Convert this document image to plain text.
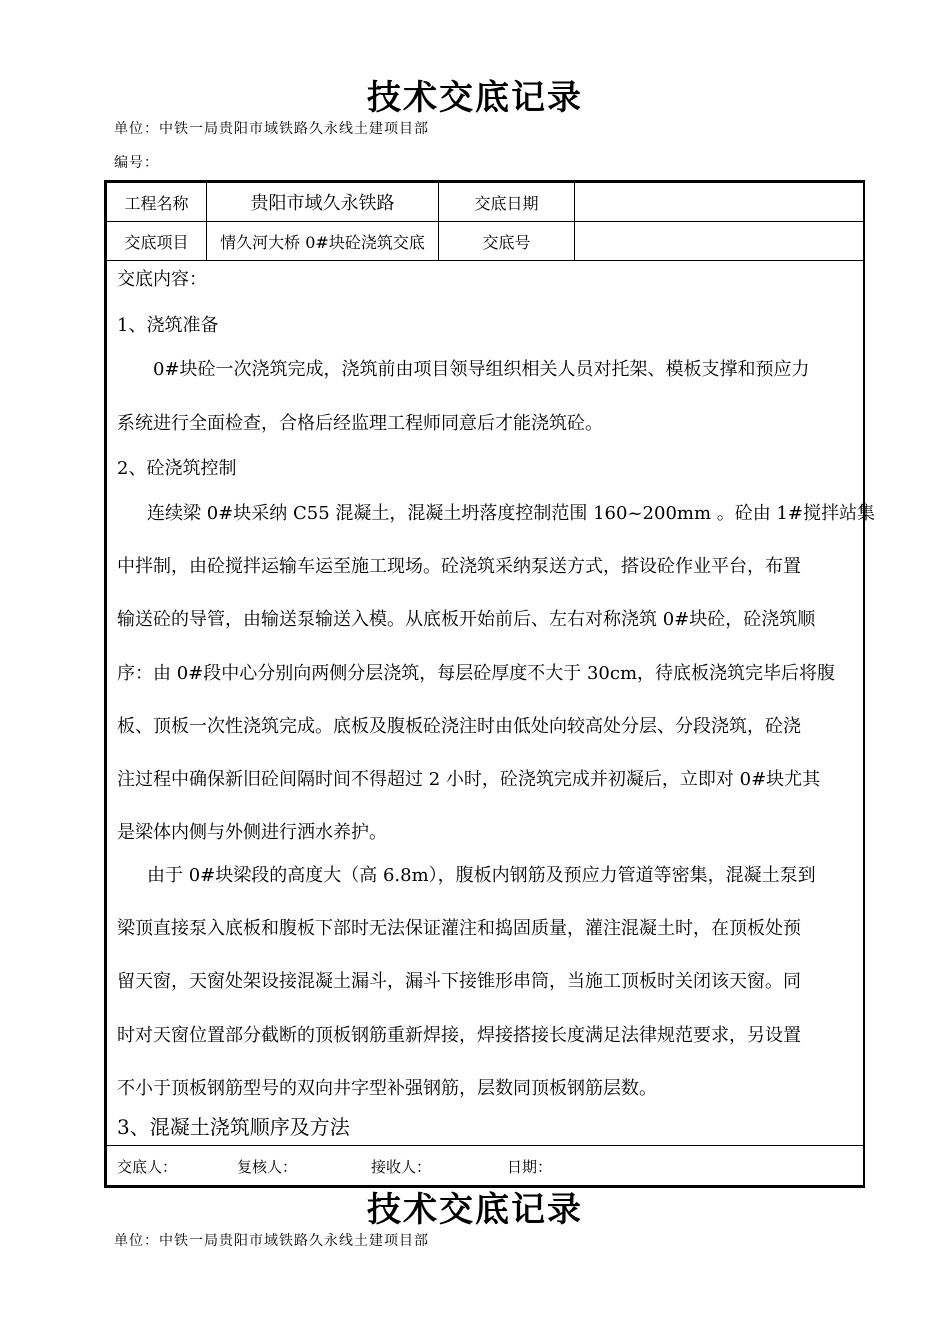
技术交底记录
单位：中铁一局贵阳市域铁路久永线土建项目部
编号：
工程名称	贵阳市域久永铁路	交底日期
交底项目	情久河大桥 0#块砼浇筑交底	交底号
交底内容：
1、浇筑准备
0#块砼一次浇筑完成，浇筑前由项目领导组织相关人员对托架、模板支撑和预应力
系统进行全面检查，合格后经监理工程师同意后才能浇筑砼。
2、砼浇筑控制
连续梁 0#块采纳 C55 混凝土，混凝土坍落度控制范围 160~200mm 。砼由 1#搅拌站集
中拌制，由砼搅拌运输车运至施工现场。砼浇筑采纳泵送方式，搭设砼作业平台，布置
输送砼的导管，由输送泵输送入模。从底板开始前后、左右对称浇筑 0#块砼，砼浇筑顺
序：由 0#段中心分别向两侧分层浇筑，每层砼厚度不大于 30cm，待底板浇筑完毕后将腹
板、顶板一次性浇筑完成。底板及腹板砼浇注时由低处向较高处分层、分段浇筑，砼浇
注过程中确保新旧砼间隔时间不得超过 2 小时，砼浇筑完成并初凝后，立即对 0#块尤其
是梁体内侧与外侧进行洒水养护。
由于 0#块梁段的高度大（高 6.8m），腹板内钢筋及预应力管道等密集，混凝土泵到
梁顶直接泵入底板和腹板下部时无法保证灌注和捣固质量，灌注混凝土时，在顶板处预
留天窗，天窗处架设接混凝土漏斗，漏斗下接锥形串筒，当施工顶板时关闭该天窗。同
时对天窗位置部分截断的顶板钢筋重新焊接，焊接搭接长度满足法律规范要求，另设置
不小于顶板钢筋型号的双向井字型补强钢筋，层数同顶板钢筋层数。
3、混凝土浇筑顺序及方法
交底人：	复核人：	接收人：	日期：
技术交底记录
单位：中铁一局贵阳市域铁路久永线土建项目部
